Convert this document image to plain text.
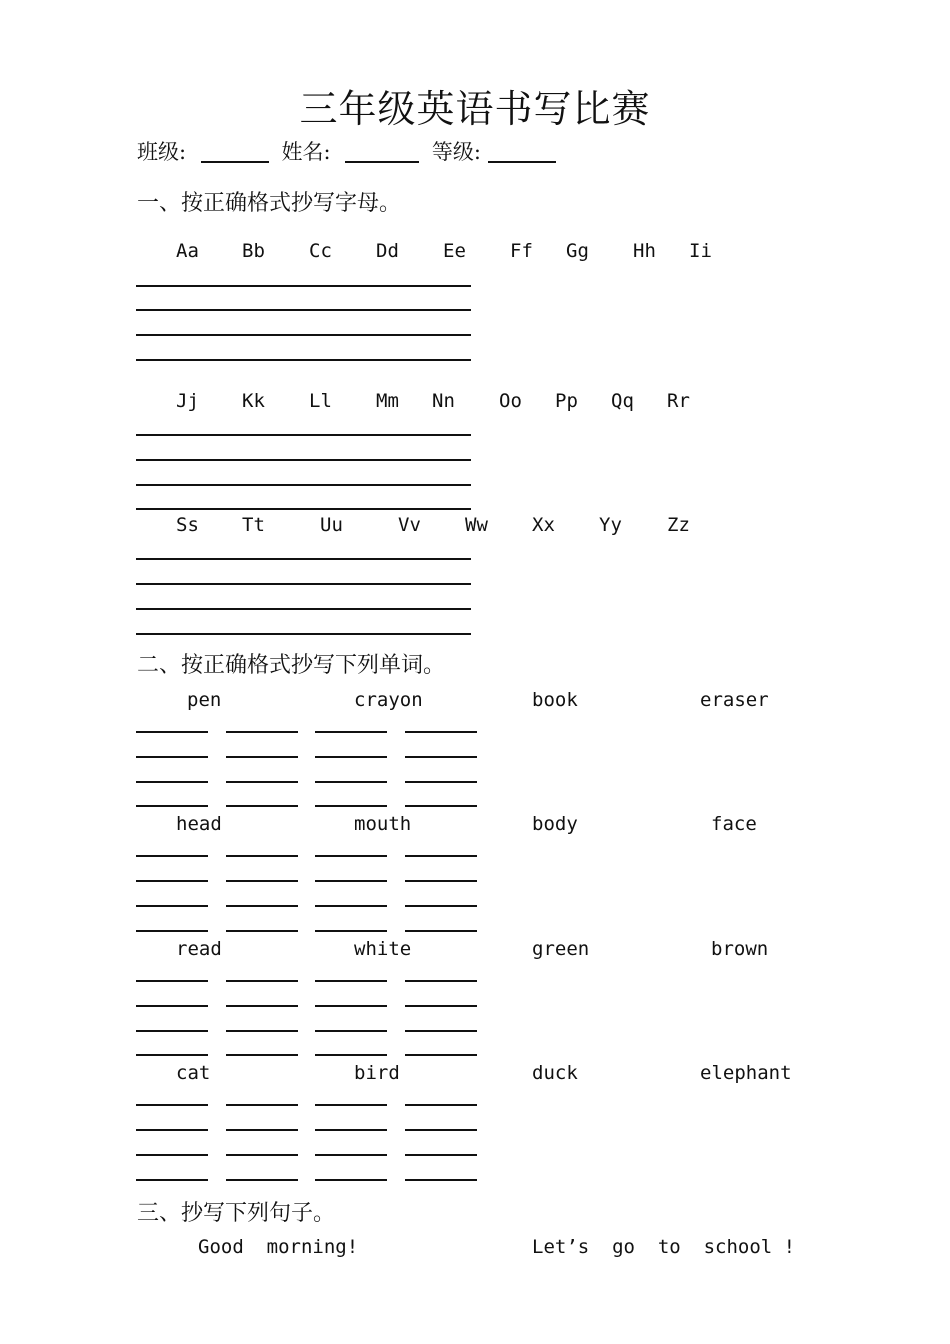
三年级英语书写比赛
班级:	姓名:	等级:
一、按正确格式抄写字母。
Aa Bb Cc Dd Ee Ff Gg Hh Ii
Jj Kk Ll Mm Nn Oo Pp Qq Rr
Ss Tt	Uu	Vv Ww Xx Yy Zz
二、按正确格式抄写下列单词。
pen	crayon	book	eraser
head	mouth	body	face
read	white	green	brown
cat	bird	duck	elephant
三、抄写下列句子。
Good  morning!	Let’s  go  to  school !
